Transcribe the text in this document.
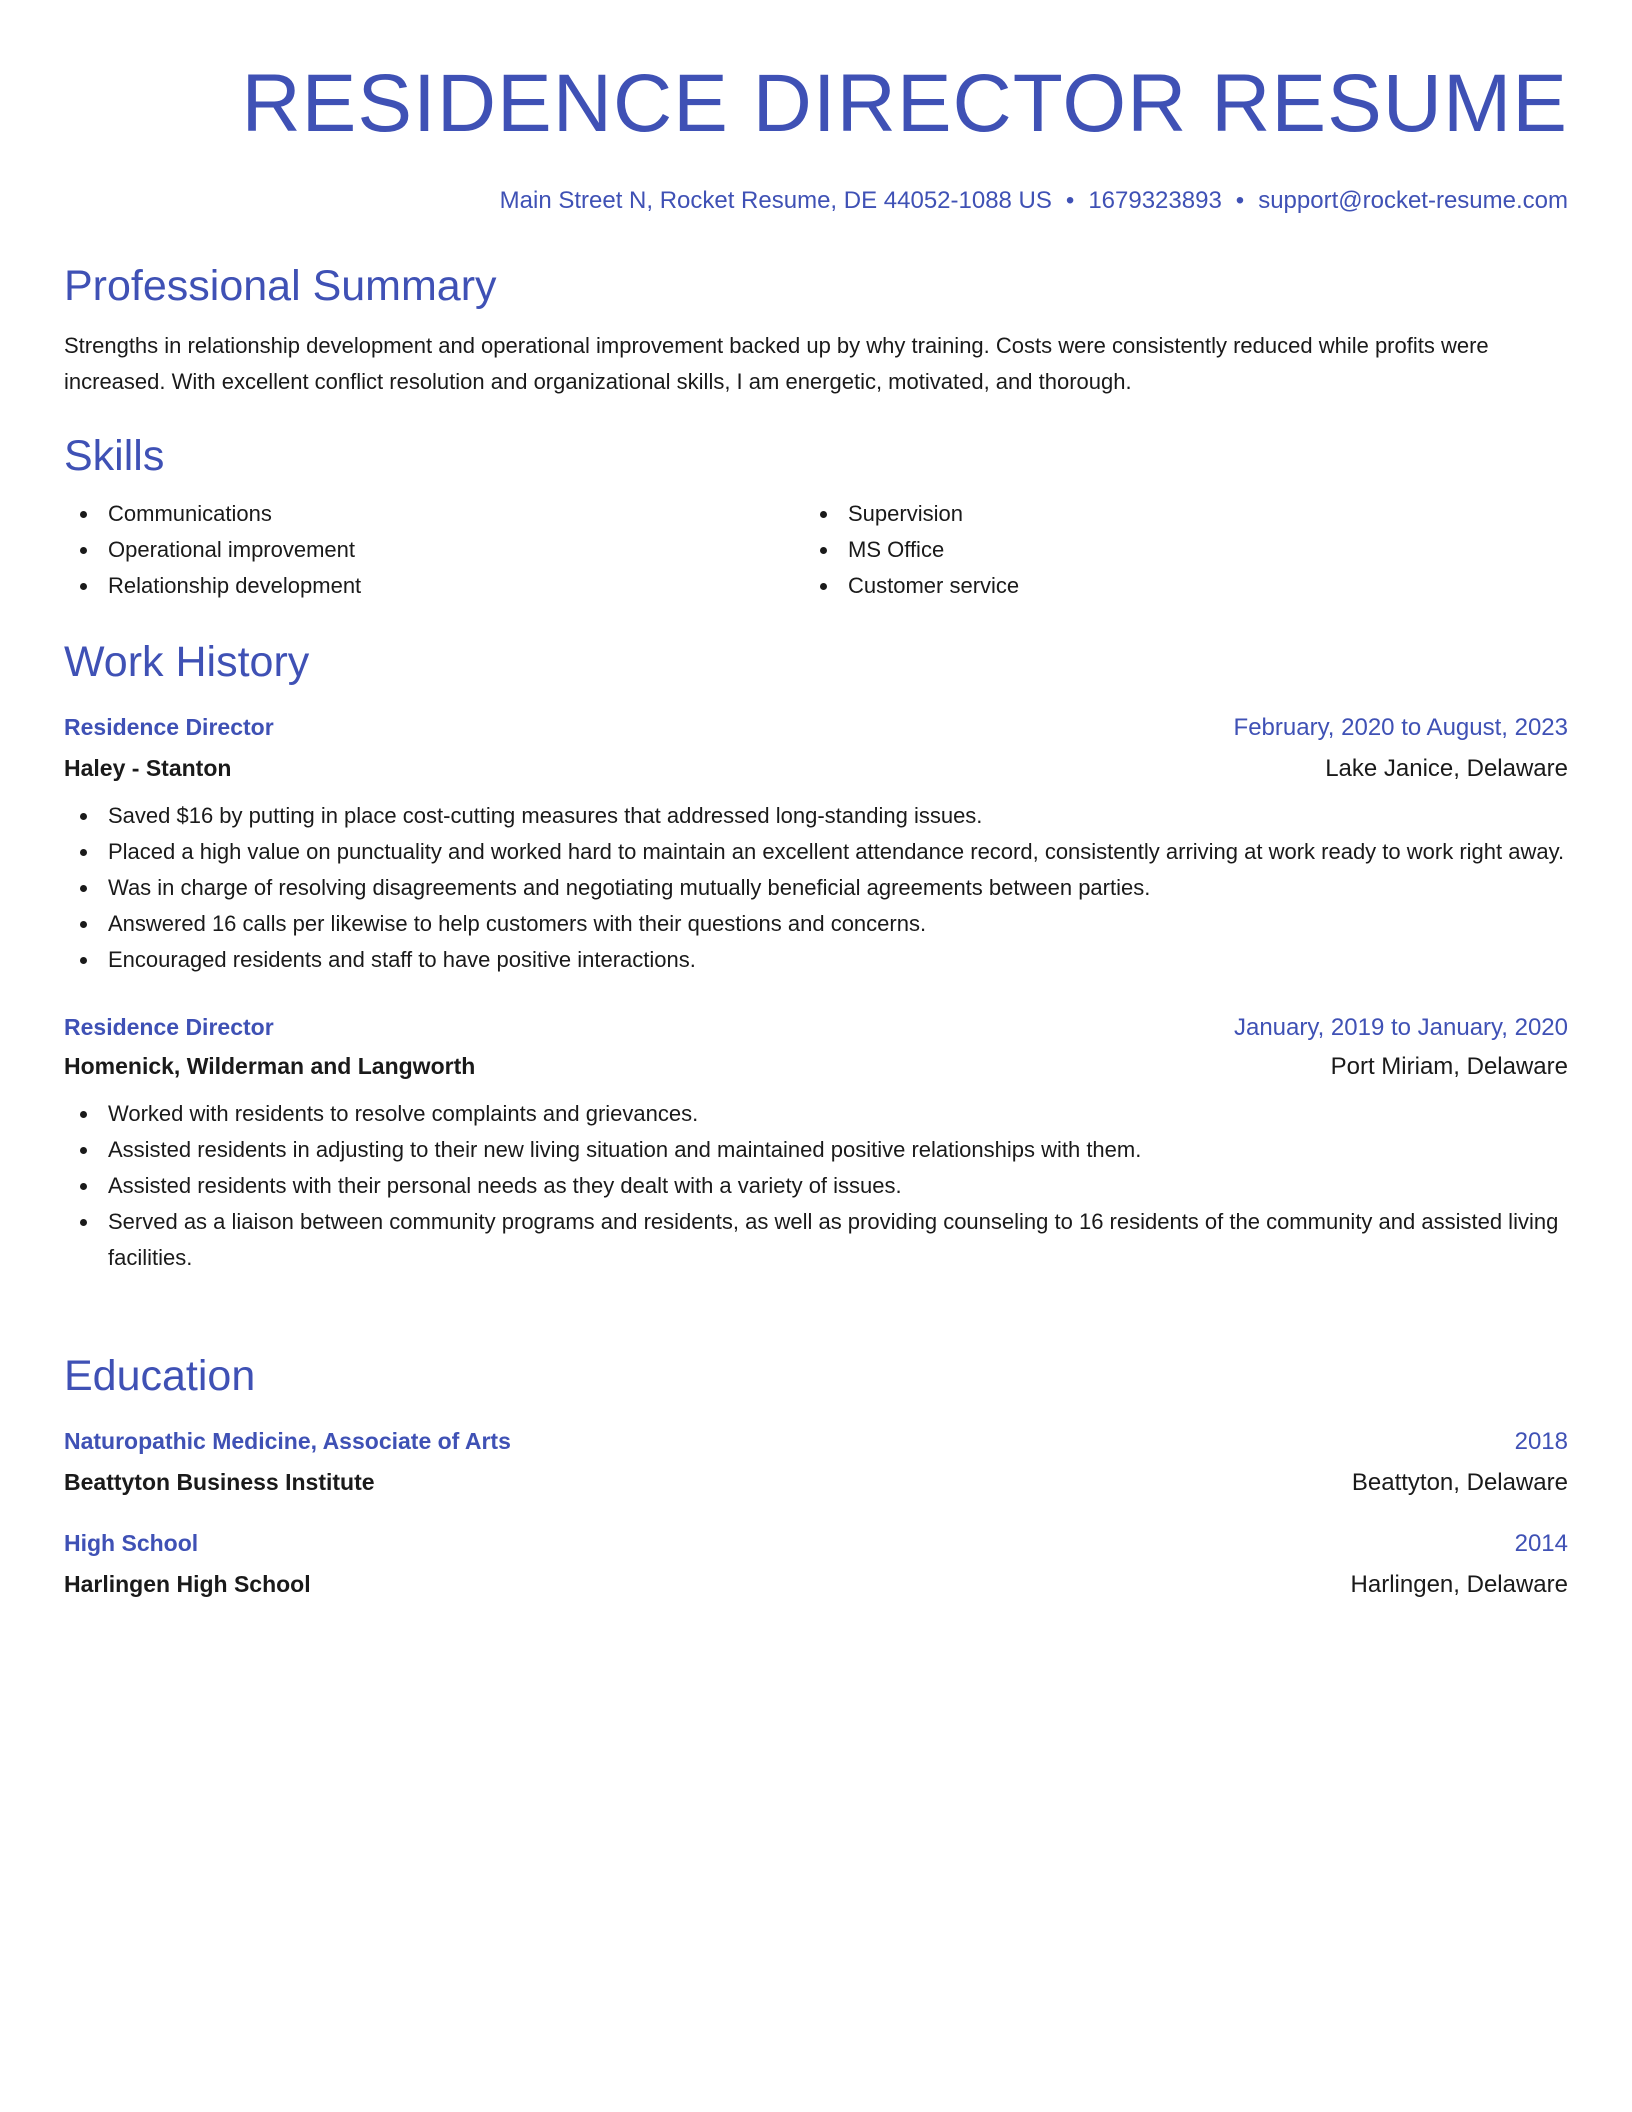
RESIDENCE DIRECTOR RESUME
Main Street N, Rocket Resume, DE 44052-1088 US • 1679323893 • support@rocket-resume.com
Professional Summary

Strengths in relationship development and operational improvement backed up by why training. Costs were consistently reduced while profits were increased. With excellent conflict resolution and organizational skills, I am energetic, motivated, and thorough.

Skills
Communications
Operational improvement
Relationship development
Supervision
MS Office
Customer service
Work History
Residence Director	February, 2020 to August, 2023
Haley - Stanton	Lake Janice, Delaware
Saved $16 by putting in place cost-cutting measures that addressed long-standing issues.
Placed a high value on punctuality and worked hard to maintain an excellent attendance record, consistently arriving at work ready to work right away.
Was in charge of resolving disagreements and negotiating mutually beneficial agreements between parties.
Answered 16 calls per likewise to help customers with their questions and concerns.
Encouraged residents and staff to have positive interactions.
Residence Director	January, 2019 to January, 2020
Homenick, Wilderman and Langworth	Port Miriam, Delaware
Worked with residents to resolve complaints and grievances.
Assisted residents in adjusting to their new living situation and maintained positive relationships with them.
Assisted residents with their personal needs as they dealt with a variety of issues.
Served as a liaison between community programs and residents, as well as providing counseling to 16 residents of the community and assisted living facilities.
Education
Naturopathic Medicine, Associate of Arts	2018
Beattyton Business Institute	Beattyton, Delaware
High School	2014
Harlingen High School	Harlingen, Delaware
